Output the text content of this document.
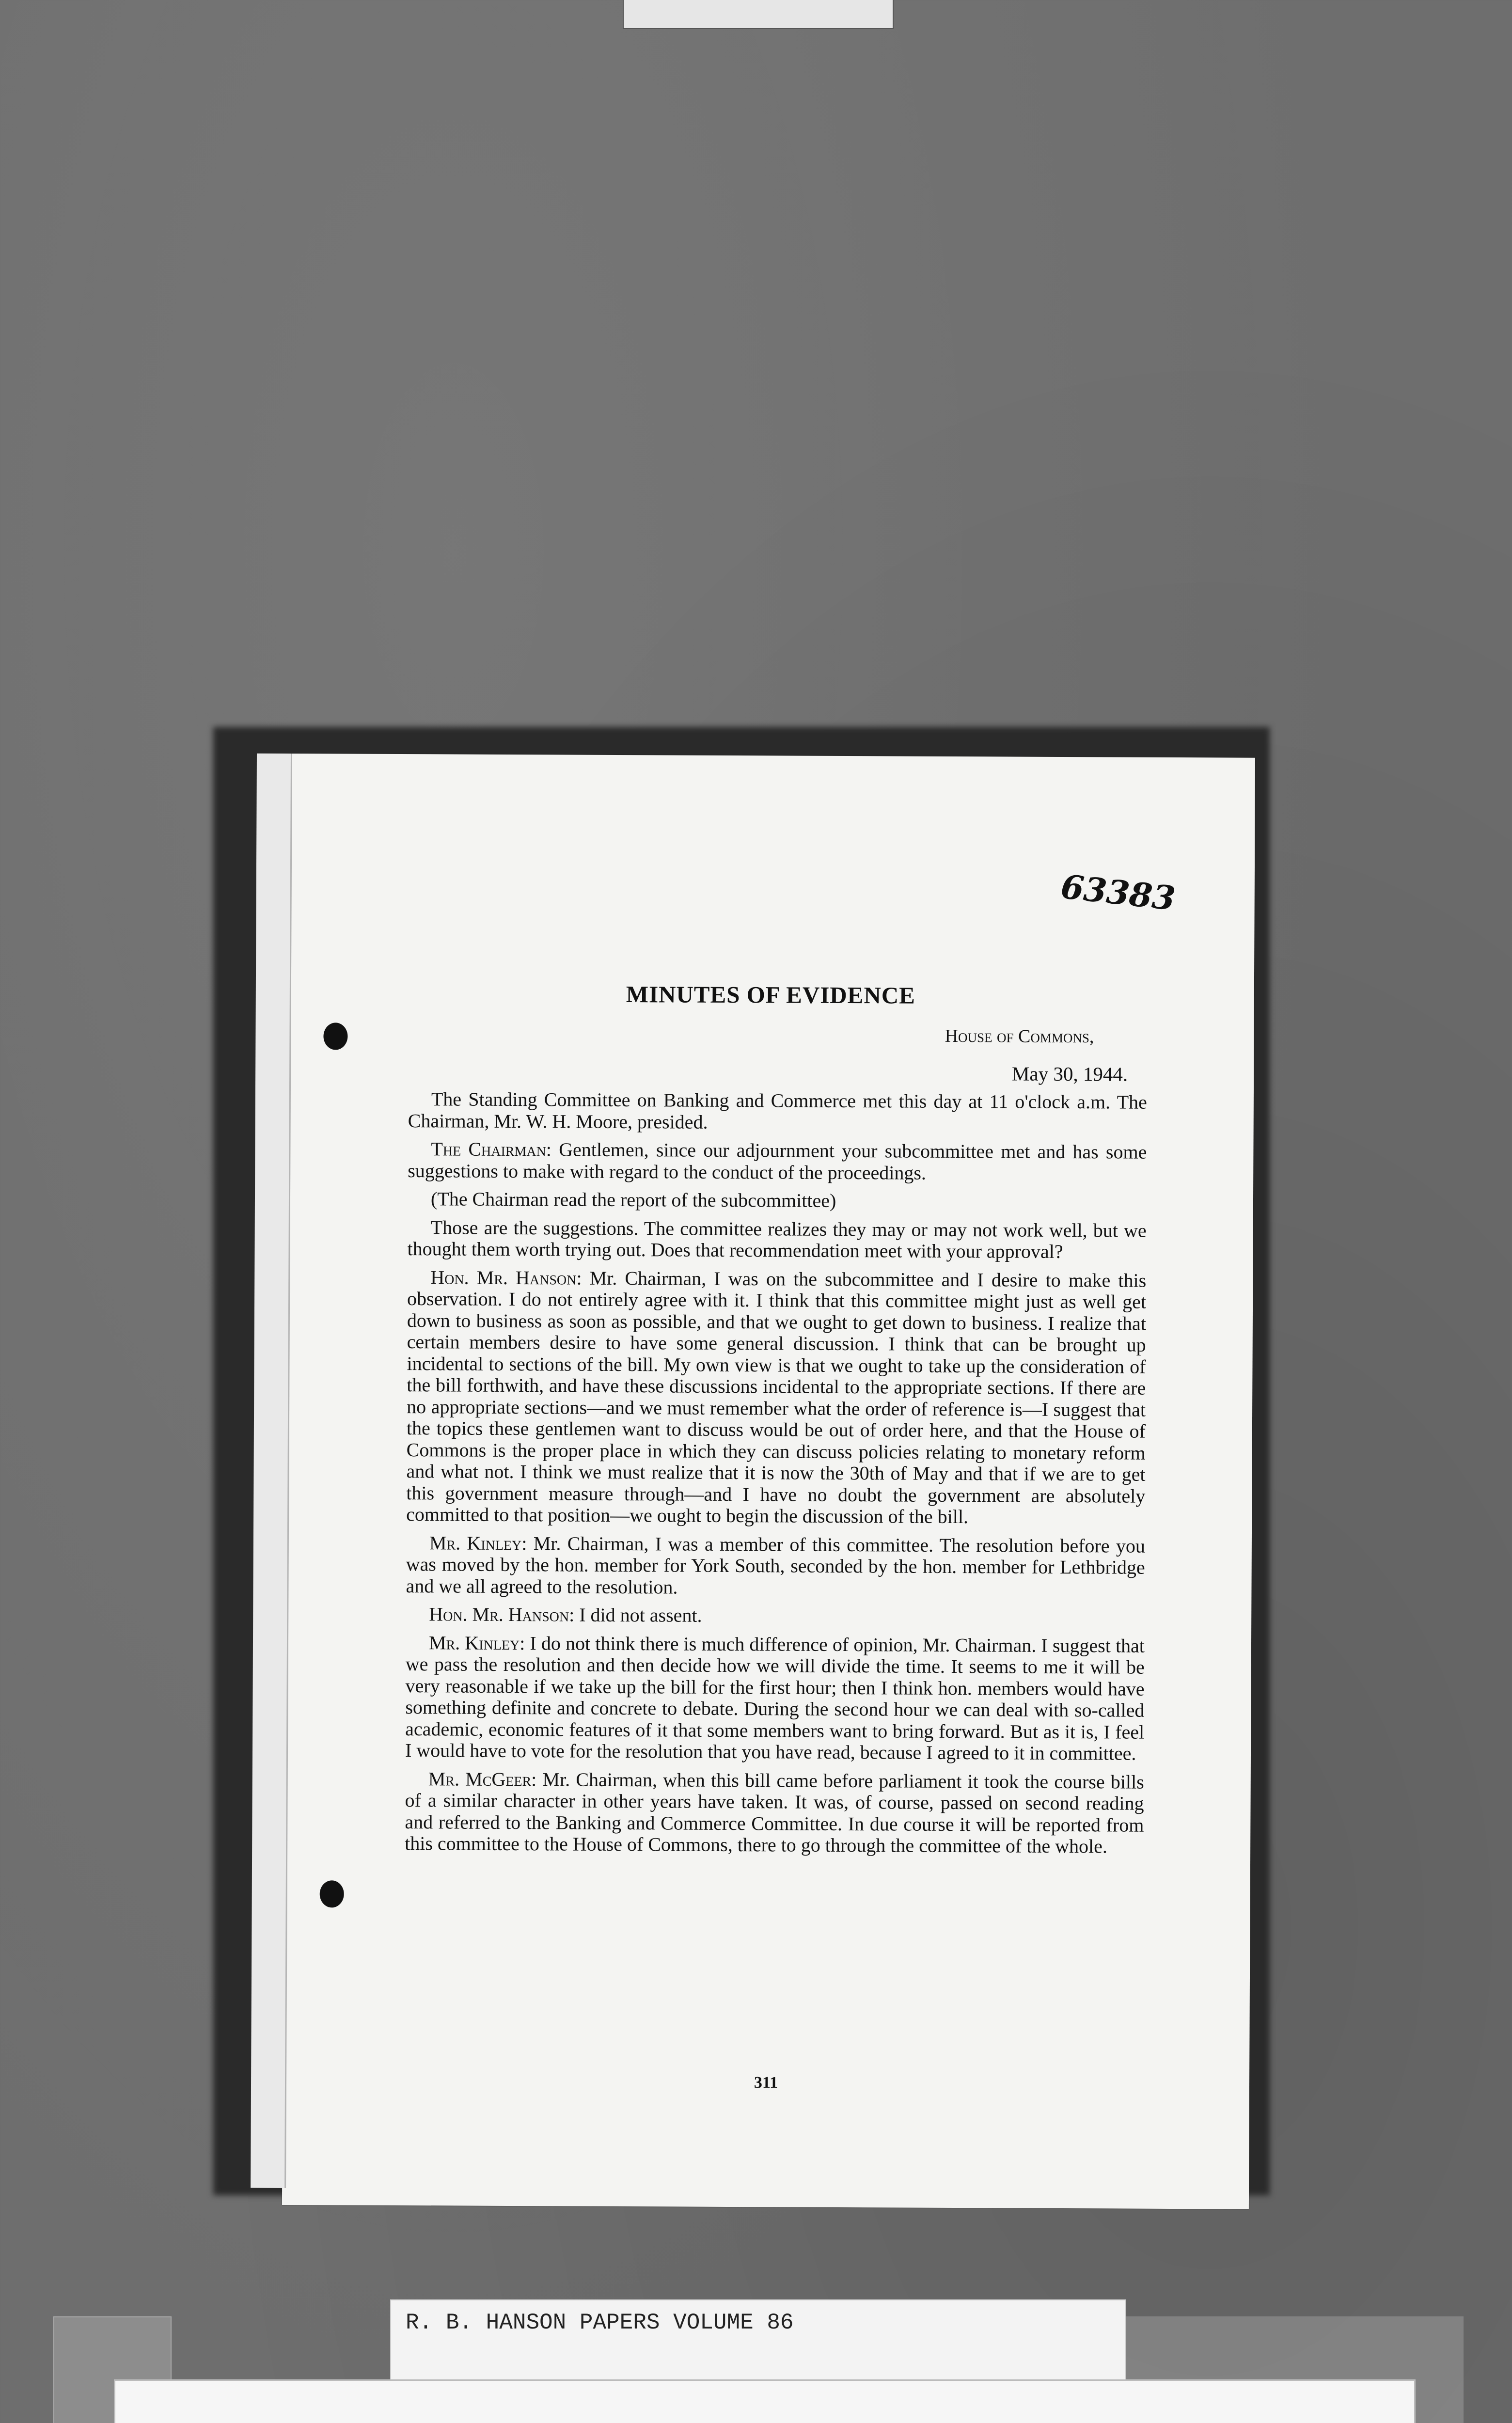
63383
MINUTES OF EVIDENCE
House of Commons,
May 30, 1944.

The Standing Committee on Banking and Commerce met this day at 11 o'clock a.m. The Chairman, Mr. W. H. Moore, presided.

The Chairman: Gentlemen, since our adjournment your subcommittee met and has some suggestions to make with regard to the conduct of the proceedings.

(The Chairman read the report of the subcommittee)

Those are the suggestions. The committee realizes they may or may not work well, but we thought them worth trying out. Does that recommendation meet with your approval?

Hon. Mr. Hanson: Mr. Chairman, I was on the subcommittee and I desire to make this observation. I do not entirely agree with it. I think that this committee might just as well get down to business as soon as possible, and that we ought to get down to business. I realize that certain members desire to have some general discussion. I think that can be brought up incidental to sections of the bill. My own view is that we ought to take up the consideration of the bill forthwith, and have these discussions incidental to the appropriate sections. If there are no appropriate sections—and we must remember what the order of reference is—I suggest that the topics these gentlemen want to discuss would be out of order here, and that the House of Commons is the proper place in which they can discuss policies relating to monetary reform and what not. I think we must realize that it is now the 30th of May and that if we are to get this government measure through—and I have no doubt the government are absolutely committed to that position—we ought to begin the discussion of the bill.

Mr. Kinley: Mr. Chairman, I was a member of this committee. The resolution before you was moved by the hon. member for York South, seconded by the hon. member for Lethbridge and we all agreed to the resolution.

Hon. Mr. Hanson: I did not assent.

Mr. Kinley: I do not think there is much difference of opinion, Mr. Chairman. I suggest that we pass the resolution and then decide how we will divide the time. It seems to me it will be very reasonable if we take up the bill for the first hour; then I think hon. members would have something definite and concrete to debate. During the second hour we can deal with so-called academic, economic features of it that some members want to bring forward. But as it is, I feel I would have to vote for the resolution that you have read, because I agreed to it in committee.

Mr. McGeer: Mr. Chairman, when this bill came before parliament it took the course bills of a similar character in other years have taken. It was, of course, passed on second reading and referred to the Banking and Commerce Committee. In due course it will be reported from this committee to the House of Commons, there to go through the committee of the whole.

311
R. B. HANSON PAPERS VOLUME 86
